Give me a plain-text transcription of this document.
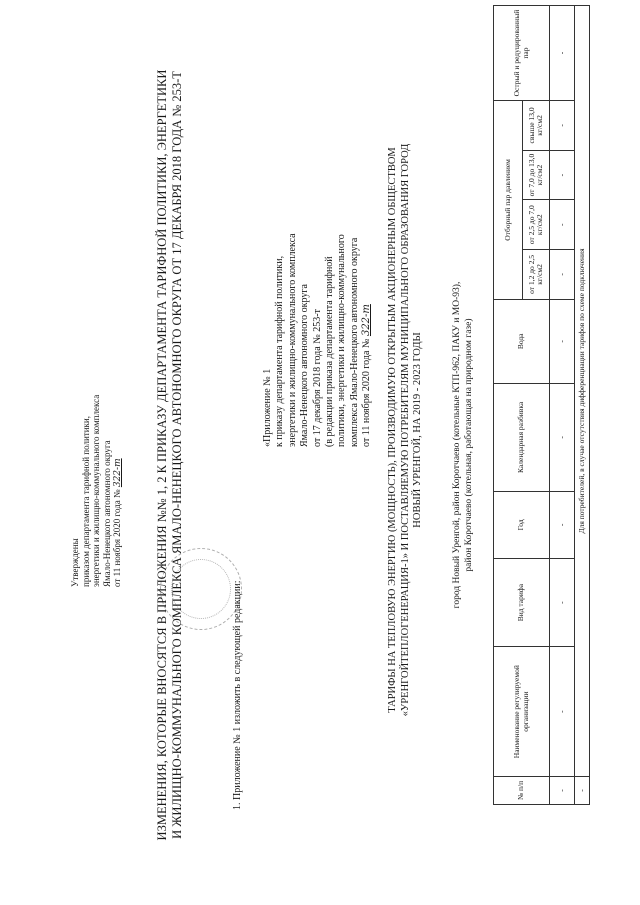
Утверждены приказом департамента тарифной политики, энергетики и жилищно-коммунального комплекса Ямало-Ненецкого автономного округа от 11 ноября 2020 года № 322-т	ИЗМЕНЕНИЯ, КОТОРЫЕ ВНОСЯТСЯ В ПРИЛОЖЕНИЯ №№ 1, 2 К ПРИКАЗУ ДЕПАРТАМЕНТА ТАРИФНОЙ ПОЛИТИКИ, ЭНЕРГЕТИКИ И ЖИЛИЩНО-КОММУНАЛЬНОГО КОМПЛЕКСА ЯМАЛО-НЕНЕЦКОГО АВТОНОМНОГО ОКРУГА ОТ 17 ДЕКАБРЯ 2018 ГОДА № 253-Т	1. Приложение № 1 изложить в следующей редакции:
«Приложение № 1 к приказу департамента тарифной политики, энергетики и жилищно-коммунального комплекса Ямало-Ненецкого автономного округа от 17 декабря 2018 года № 253-т (в редакции приказа департамента тарифной политики, энергетики и жилищно-коммунального комплекса Ямало-Ненецкого автономного округа от 11 ноября 2020 года № 322-т ТАРИФЫ НА ТЕПЛОВУЮ ЭНЕРГИЮ (МОЩНОСТЬ), ПРОИЗВОДИМУЮ ОТКРЫТЫМ АКЦИОНЕРНЫМ ОБЩЕСТВОМ «УРЕНГОЙТЕПЛОГЕНЕРАЦИЯ-1» И ПОСТАВЛЯЕМУЮ ПОТРЕБИТЕЛЯМ МУНИЦИПАЛЬНОГО ОБРАЗОВАНИЯ ГОРОД НОВЫЙ УРЕНГОЙ, НА 2019 - 2023 ГОДЫ	город Новый Уренгой, район Коротчаево (котельные КТП-962, ПАКУ и МО-93), район Коротчаево (котельная, работающая на природном газе)
№ п/п	Наименование регулируемой организации	Вид тарифа	Год	Календарная разбивка	Вода	Отборный пар давлением				Острый и редуцированный пар
						от 1,2 до 2,5 кг/см2	от 2,5 до 7,0 кг/см2	от 7,0 до 13,0 кг/см2	свыше 13,0 кг/см2	
-	-	-	-	-	-	-	-	-	-	-
-	Для потребителей, в случае отсутствия дифференциации тарифов по схеме подключения									
